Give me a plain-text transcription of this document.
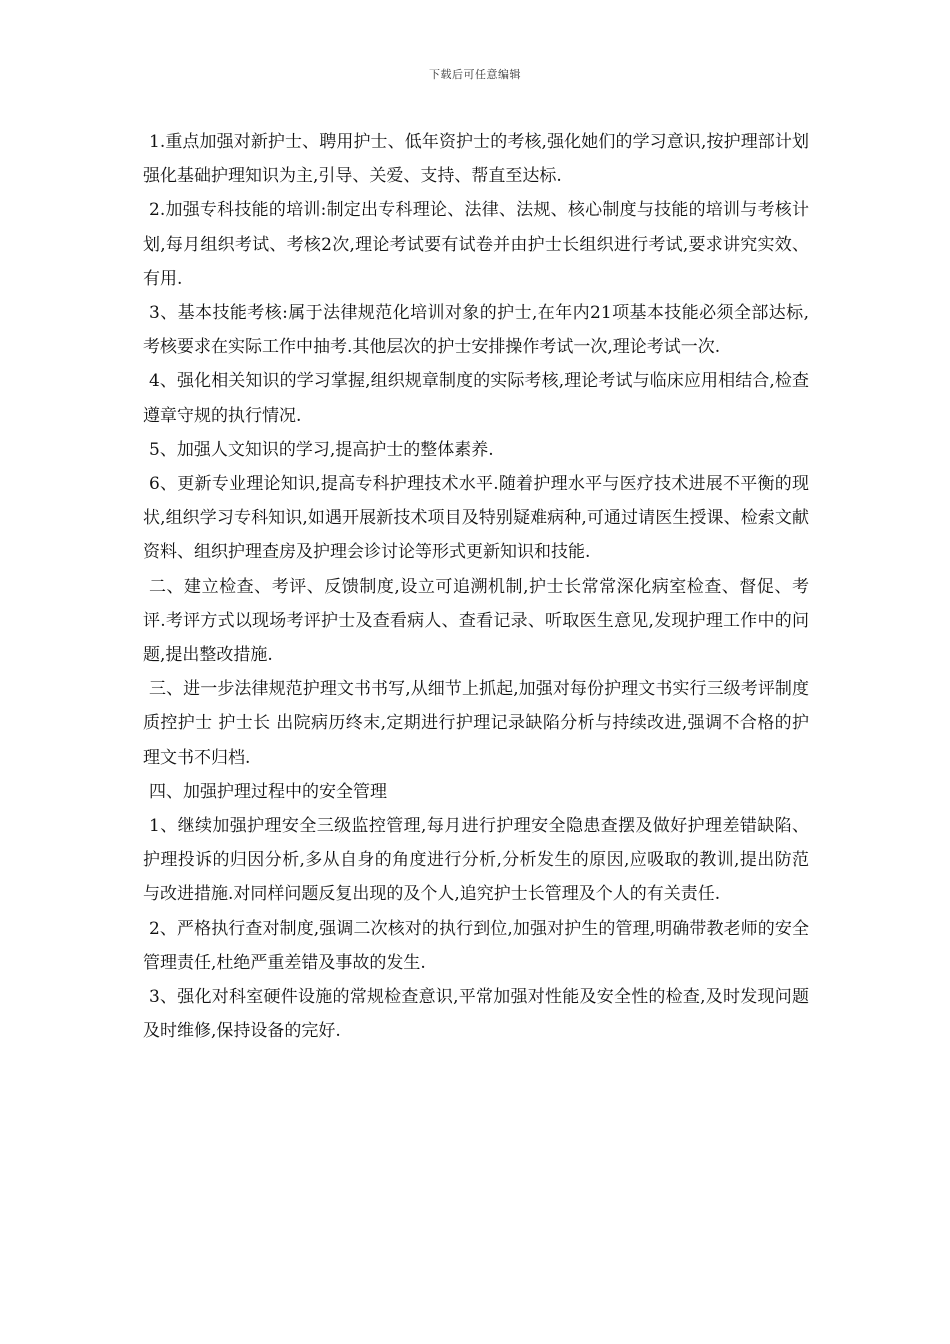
下载后可任意编辑

1.重点加强对新护士、聘用护士、低年资护士的考核,强化她们的学习意识,按护理部计划强化基础护理知识为主,引导、关爱、支持、帮直至达标.

2.加强专科技能的培训:制定出专科理论、法律、法规、核心制度与技能的培训与考核计划,每月组织考试、考核2次,理论考试要有试卷并由护士长组织进行考试,要求讲究实效、有用.

3、基本技能考核:属于法律规范化培训对象的护士,在年内21项基本技能必须全部达标,考核要求在实际工作中抽考.其他层次的护士安排操作考试一次,理论考试一次.

4、强化相关知识的学习掌握,组织规章制度的实际考核,理论考试与临床应用相结合,检查遵章守规的执行情况.

5、加强人文知识的学习,提高护士的整体素养.

6、更新专业理论知识,提高专科护理技术水平.随着护理水平与医疗技术进展不平衡的现状,组织学习专科知识,如遇开展新技术项目及特别疑难病种,可通过请医生授课、检索文献资料、组织护理查房及护理会诊讨论等形式更新知识和技能.

二、建立检查、考评、反馈制度,设立可追溯机制,护士长常常深化病室检查、督促、考评.考评方式以现场考评护士及查看病人、查看记录、听取医生意见,发现护理工作中的问题,提出整改措施.

三、进一步法律规范护理文书书写,从细节上抓起,加强对每份护理文书实行三级考评制度质控护士 护士长 出院病历终末,定期进行护理记录缺陷分析与持续改进,强调不合格的护理文书不归档.

四、加强护理过程中的安全管理

1、继续加强护理安全三级监控管理,每月进行护理安全隐患查摆及做好护理差错缺陷、护理投诉的归因分析,多从自身的角度进行分析,分析发生的原因,应吸取的教训,提出防范与改进措施.对同样问题反复出现的及个人,追究护士长管理及个人的有关责任.

2、严格执行查对制度,强调二次核对的执行到位,加强对护生的管理,明确带教老师的安全管理责任,杜绝严重差错及事故的发生.

3、强化对科室硬件设施的常规检查意识,平常加强对性能及安全性的检查,及时发现问题及时维修,保持设备的完好.
